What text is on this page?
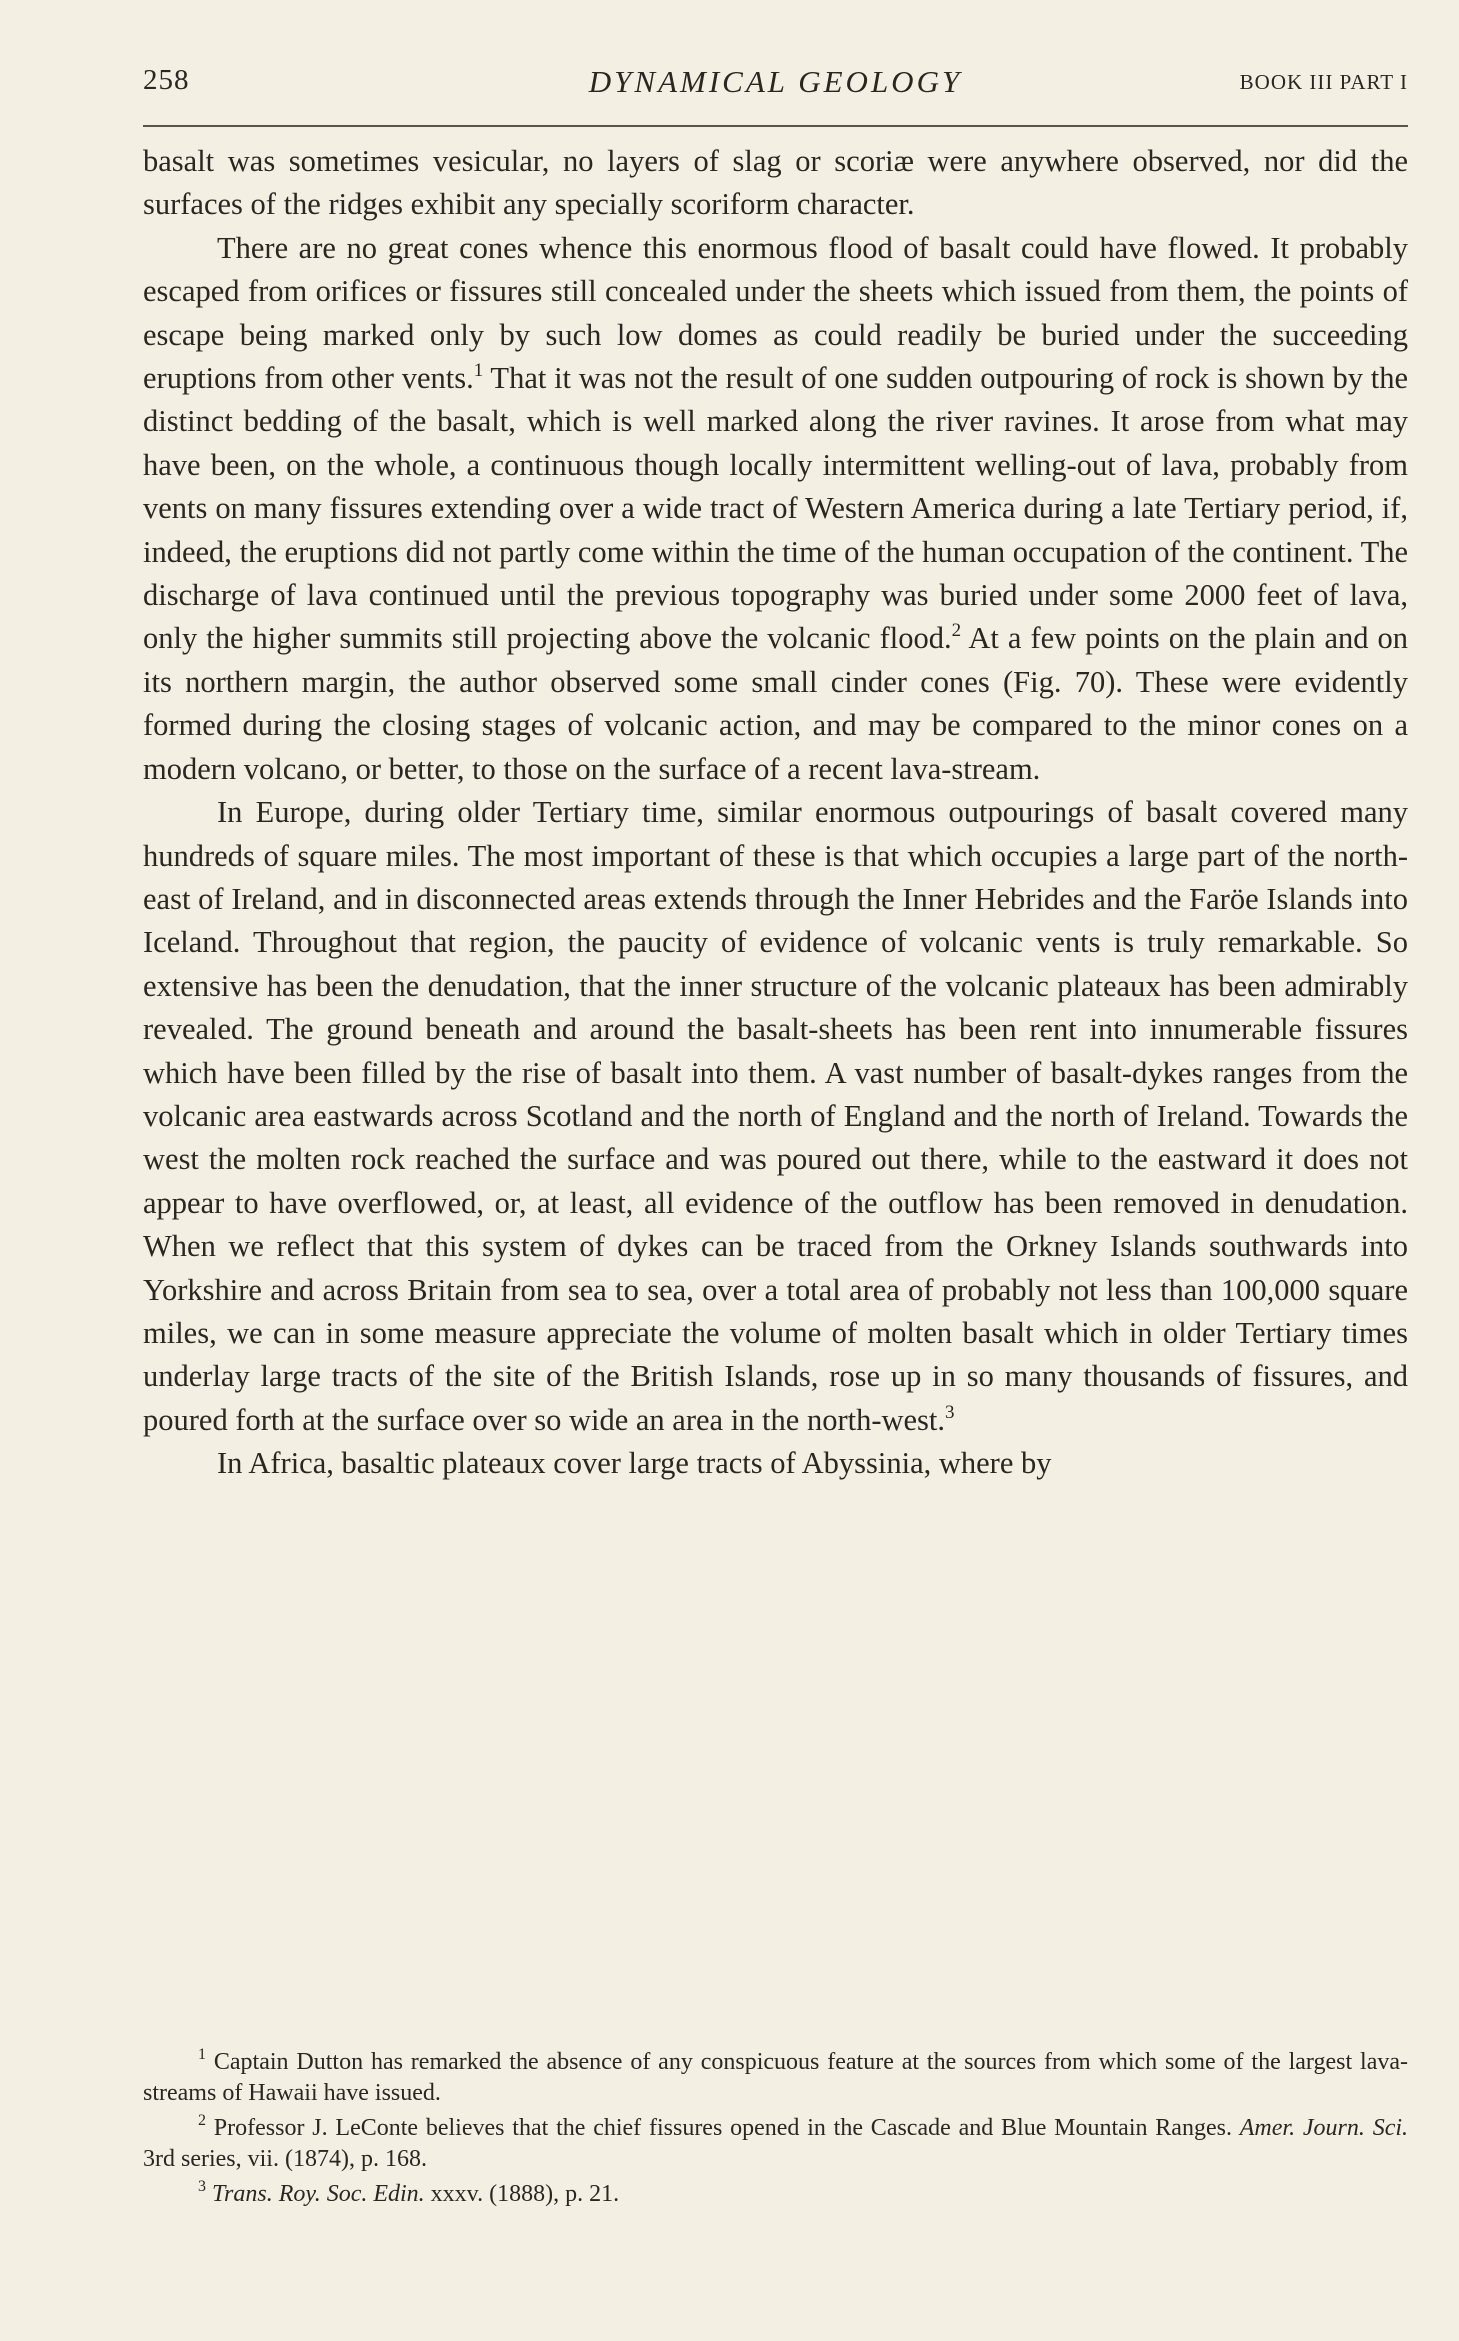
258	DYNAMICAL GEOLOGY	BOOK III PART I

basalt was sometimes vesicular, no layers of slag or scoriæ were anywhere observed, nor did the surfaces of the ridges exhibit any specially scoriform character.

There are no great cones whence this enormous flood of basalt could have flowed. It probably escaped from orifices or fissures still concealed under the sheets which issued from them, the points of escape being marked only by such low domes as could readily be buried under the succeeding eruptions from other vents.$^1$ That it was not the result of one sudden outpouring of rock is shown by the distinct bedding of the basalt, which is well marked along the river ravines. It arose from what may have been, on the whole, a continuous though locally intermittent welling-out of lava, probably from vents on many fissures extending over a wide tract of Western America during a late Tertiary period, if, indeed, the eruptions did not partly come within the time of the human occupation of the continent. The discharge of lava continued until the previous topography was buried under some 2000 feet of lava, only the higher summits still projecting above the volcanic flood.$^2$ At a few points on the plain and on its northern margin, the author observed some small cinder cones (Fig. 70). These were evidently formed during the closing stages of volcanic action, and may be compared to the minor cones on a modern volcano, or better, to those on the surface of a recent lava-stream.

In Europe, during older Tertiary time, similar enormous outpourings of basalt covered many hundreds of square miles. The most important of these is that which occupies a large part of the north-east of Ireland, and in disconnected areas extends through the Inner Hebrides and the Faröe Islands into Iceland. Throughout that region, the paucity of evidence of volcanic vents is truly remarkable. So extensive has been the denudation, that the inner structure of the volcanic plateaux has been admirably revealed. The ground beneath and around the basalt-sheets has been rent into innumerable fissures which have been filled by the rise of basalt into them. A vast number of basalt-dykes ranges from the volcanic area eastwards across Scotland and the north of England and the north of Ireland. Towards the west the molten rock reached the surface and was poured out there, while to the eastward it does not appear to have overflowed, or, at least, all evidence of the outflow has been removed in denudation. When we reflect that this system of dykes can be traced from the Orkney Islands southwards into Yorkshire and across Britain from sea to sea, over a total area of probably not less than 100,000 square miles, we can in some measure appreciate the volume of molten basalt which in older Tertiary times underlay large tracts of the site of the British Islands, rose up in so many thousands of fissures, and poured forth at the surface over so wide an area in the north-west.$^3$

In Africa, basaltic plateaux cover large tracts of Abyssinia, where by

$^1$ Captain Dutton has remarked the absence of any conspicuous feature at the sources from which some of the largest lava-streams of Hawaii have issued.

$^2$ Professor J. LeConte believes that the chief fissures opened in the Cascade and Blue Mountain Ranges. Amer. Journ. Sci. 3rd series, vii. (1874), p. 168.

$^3$ Trans. Roy. Soc. Edin. xxxv. (1888), p. 21.
